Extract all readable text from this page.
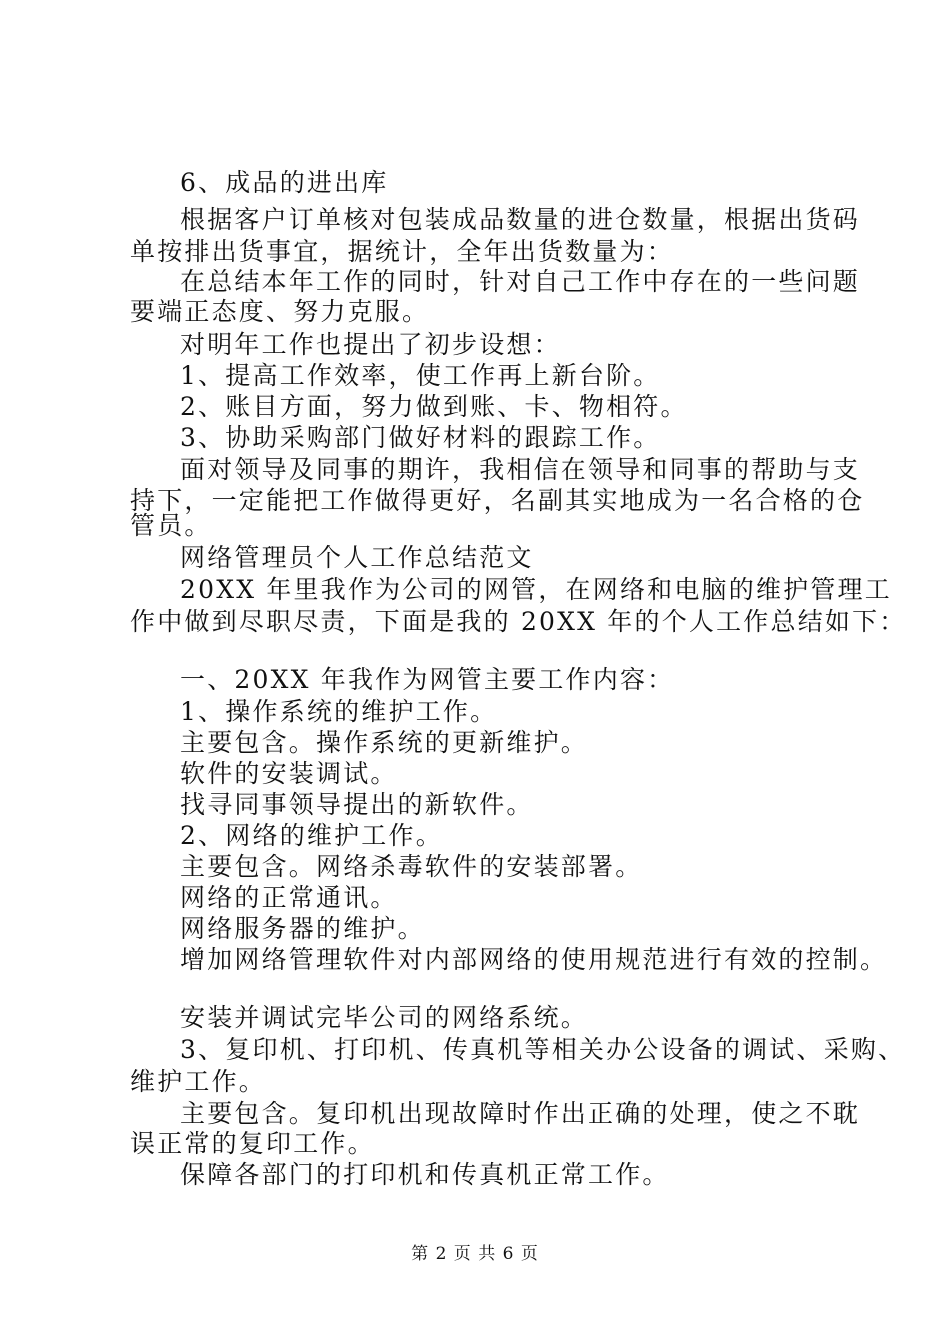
6、成品的进出库
根据客户订单核对包装成品数量的进仓数量，根据出货码
单按排出货事宜，据统计，全年出货数量为：
在总结本年工作的同时，针对自己工作中存在的一些问题
要端正态度、努力克服。
对明年工作也提出了初步设想：
1、提高工作效率，使工作再上新台阶。
2、账目方面，努力做到账、卡、物相符。
3、协助采购部门做好材料的跟踪工作。
面对领导及同事的期许，我相信在领导和同事的帮助与支
持下，一定能把工作做得更好，名副其实地成为一名合格的仓
管员。
网络管理员个人工作总结范文
20XX 年里我作为公司的网管，在网络和电脑的维护管理工
作中做到尽职尽责，下面是我的 20XX 年的个人工作总结如下：
一、20XX 年我作为网管主要工作内容：
1、操作系统的维护工作。
主要包含。操作系统的更新维护。
软件的安装调试。
找寻同事领导提出的新软件。
2、网络的维护工作。
主要包含。网络杀毒软件的安装部署。
网络的正常通讯。
网络服务器的维护。
增加网络管理软件对内部网络的使用规范进行有效的控制。
安装并调试完毕公司的网络系统。
3、复印机、打印机、传真机等相关办公设备的调试、采购、
维护工作。
主要包含。复印机出现故障时作出正确的处理，使之不耽
误正常的复印工作。
保障各部门的打印机和传真机正常工作。
第 2 页 共 6 页
